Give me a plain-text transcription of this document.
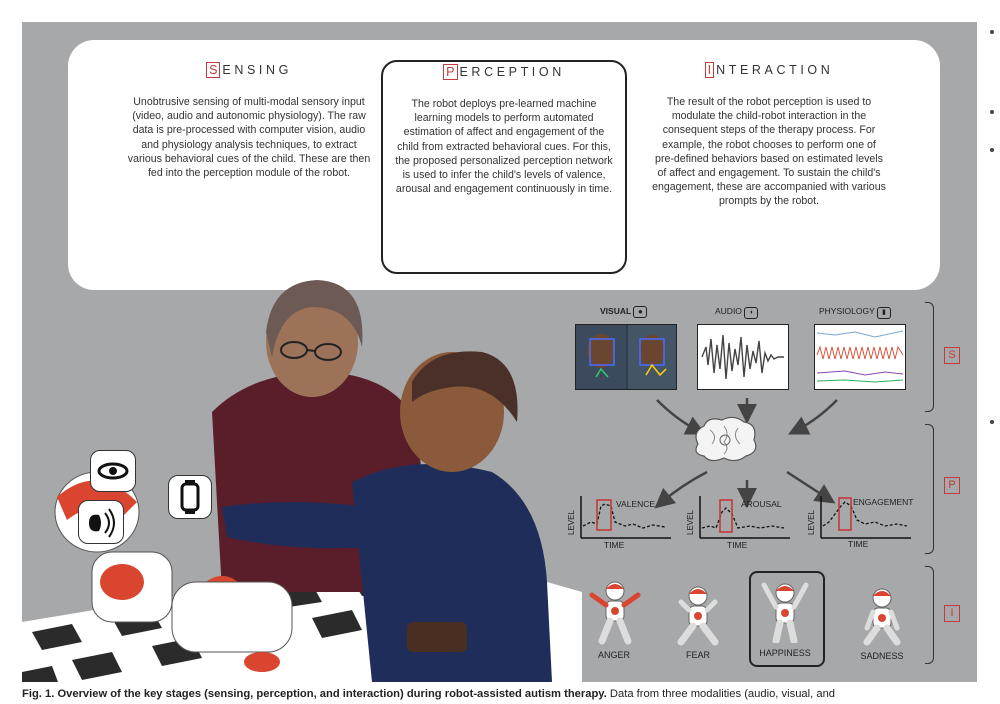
S ENSING
Unobtrusive sensing of multi-modal sensory input (video, audio and autonomic physiology). The raw data is pre-processed with computer vision, audio and physiology analysis techniques, to extract various behavioral cues of the child. These are then fed into the perception module of the robot.
P ERCEPTION
The robot deploys pre-learned machine learning models to perform automated estimation of affect and engagement of the child from extracted behavioral cues. For this, the proposed personalized perception network is used to infer the child's levels of valence, arousal and engagement continuously in time.
I NTERACTION
The result of the robot perception is used to modulate the child-robot interaction in the consequent steps of the therapy process. For example, the robot chooses to perform one of pre-defined behaviors based on estimated levels of affect and engagement. To sustain the child's engagement, these are accompanied with various prompts by the robot.
VISUAL ●	AUDIO ◖	PHYSIOLOGY ▮
VALENCE
LEVEL
TIME
AROUSAL
LEVEL
TIME
ENGAGEMENT
LEVEL
TIME
ANGER	FEAR	HAPPINESS	SADNESS
S
P
I
Fig. 1. Overview of the key stages (sensing, perception, and interaction) during robot-assisted autism therapy. Data from three modalities (audio, visual, and
